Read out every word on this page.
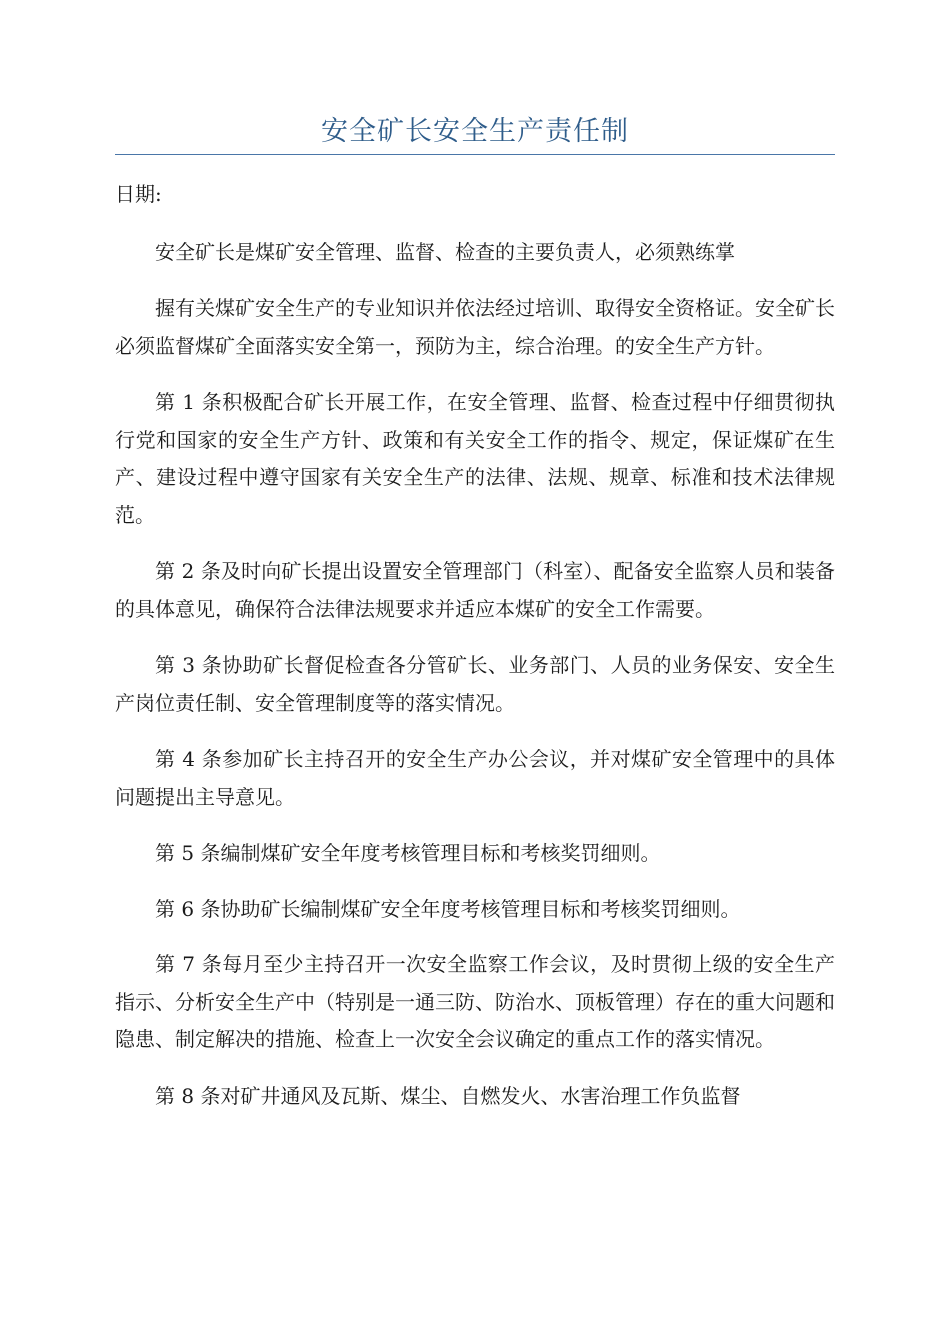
安全矿长安全生产责任制

日期:

安全矿长是煤矿安全管理、监督、检查的主要负责人，必须熟练掌

握有关煤矿安全生产的专业知识并依法经过培训、取得安全资格证。安全矿长必须监督煤矿全面落实安全第一，预防为主，综合治理。的安全生产方针。

第 1 条积极配合矿长开展工作，在安全管理、监督、检查过程中仔细贯彻执行党和国家的安全生产方针、政策和有关安全工作的指令、规定，保证煤矿在生产、建设过程中遵守国家有关安全生产的法律、法规、规章、标准和技术法律规范。

第 2 条及时向矿长提出设置安全管理部门（科室）、配备安全监察人员和装备的具体意见，确保符合法律法规要求并适应本煤矿的安全工作需要。

第 3 条协助矿长督促检查各分管矿长、业务部门、人员的业务保安、安全生产岗位责任制、安全管理制度等的落实情况。

第 4 条参加矿长主持召开的安全生产办公会议，并对煤矿安全管理中的具体问题提出主导意见。

第 5 条编制煤矿安全年度考核管理目标和考核奖罚细则。

第 6 条协助矿长编制煤矿安全年度考核管理目标和考核奖罚细则。

第 7 条每月至少主持召开一次安全监察工作会议，及时贯彻上级的安全生产指示、分析安全生产中（特别是一通三防、防治水、顶板管理）存在的重大问题和隐患、制定解决的措施、检查上一次安全会议确定的重点工作的落实情况。

第 8 条对矿井通风及瓦斯、煤尘、自燃发火、水害治理工作负监督
